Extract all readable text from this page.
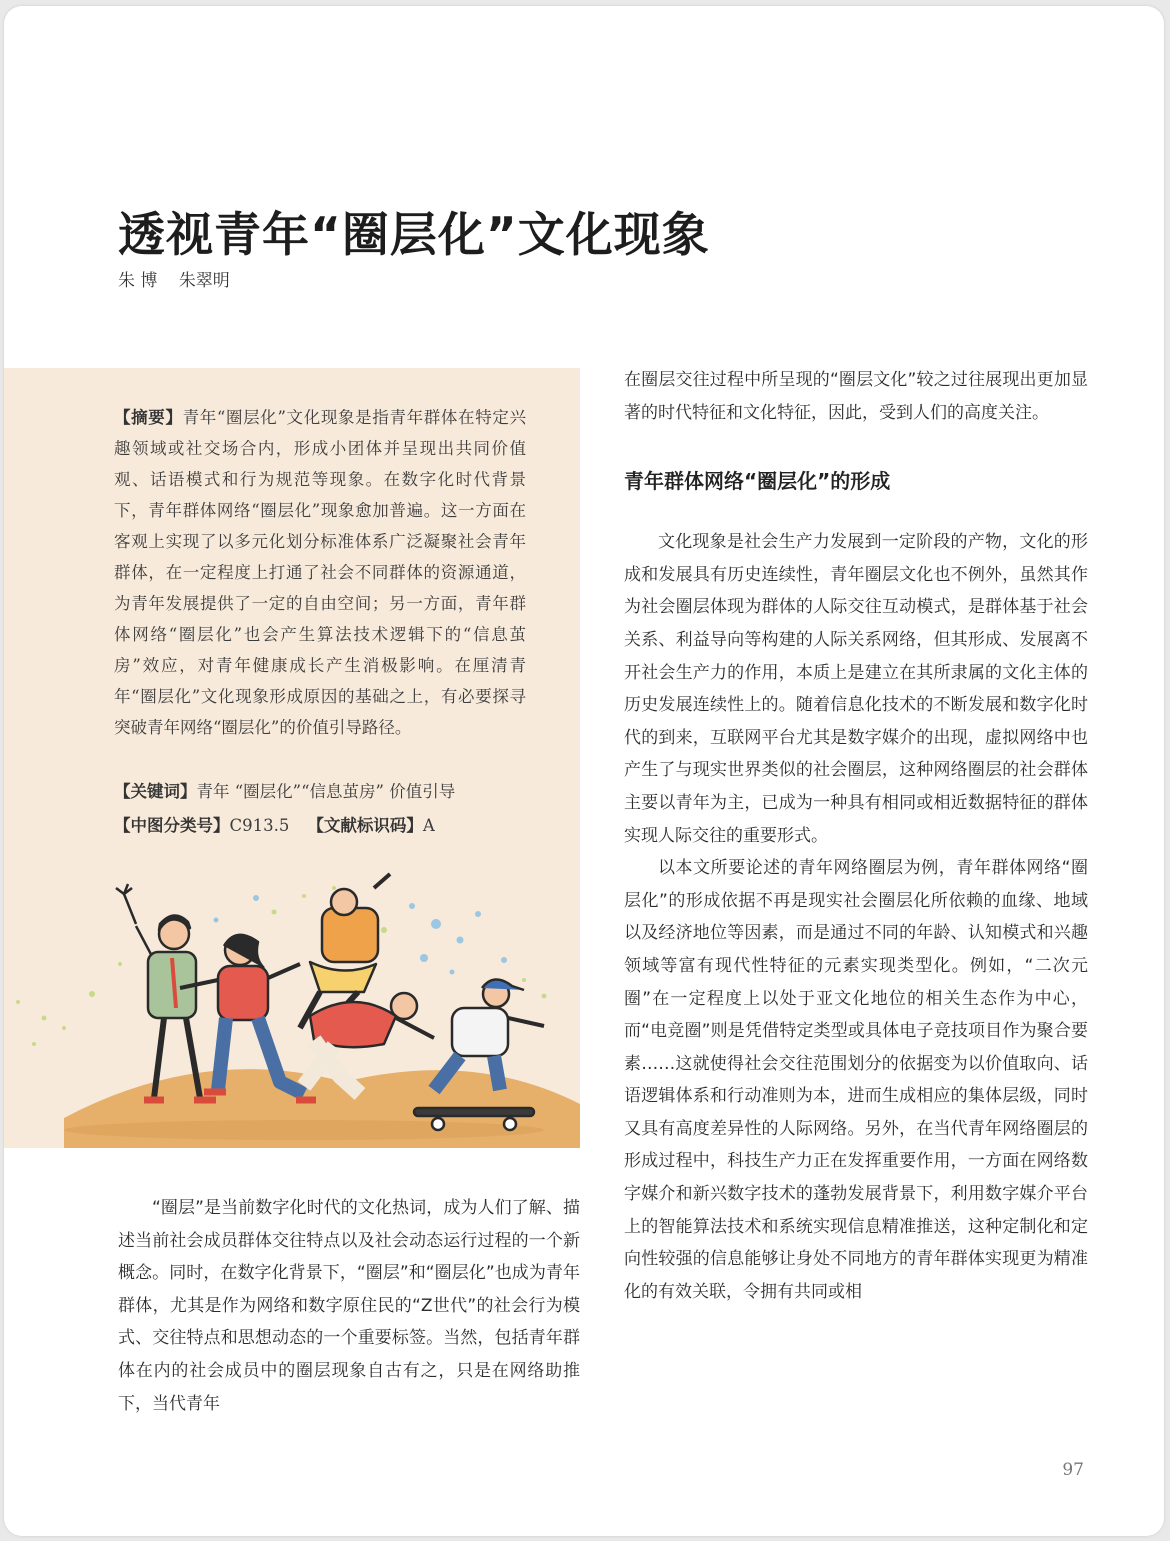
透视青年“圈层化”文化现象
朱 博 朱翠明

【摘要】青年“圈层化”文化现象是指青年群体在特定兴趣领域或社交场合内，形成小团体并呈现出共同价值观、话语模式和行为规范等现象。在数字化时代背景下，青年群体网络“圈层化”现象愈加普遍。这一方面在客观上实现了以多元化划分标准体系广泛凝聚社会青年群体，在一定程度上打通了社会不同群体的资源通道，为青年发展提供了一定的自由空间；另一方面，青年群体网络“圈层化”也会产生算法技术逻辑下的“信息茧房”效应，对青年健康成长产生消极影响。在厘清青年“圈层化”文化现象形成原因的基础之上，有必要探寻突破青年网络“圈层化”的价值引导路径。

【关键词】青年 “圈层化”“信息茧房” 价值引导

【中图分类号】C913.5 【文献标识码】A

“圈层”是当前数字化时代的文化热词，成为人们了解、描述当前社会成员群体交往特点以及社会动态运行过程的一个新概念。同时，在数字化背景下，“圈层”和“圈层化”也成为青年群体，尤其是作为网络和数字原住民的“Z世代”的社会行为模式、交往特点和思想动态的一个重要标签。当然，包括青年群体在内的社会成员中的圈层现象自古有之，只是在网络助推下，当代青年

在圈层交往过程中所呈现的“圈层文化”较之过往展现出更加显著的时代特征和文化特征，因此，受到人们的高度关注。

青年群体网络“圈层化”的形成

文化现象是社会生产力发展到一定阶段的产物，文化的形成和发展具有历史连续性，青年圈层文化也不例外，虽然其作为社会圈层体现为群体的人际交往互动模式，是群体基于社会关系、利益导向等构建的人际关系网络，但其形成、发展离不开社会生产力的作用，本质上是建立在其所隶属的文化主体的历史发展连续性上的。随着信息化技术的不断发展和数字化时代的到来，互联网平台尤其是数字媒介的出现，虚拟网络中也产生了与现实世界类似的社会圈层，这种网络圈层的社会群体主要以青年为主，已成为一种具有相同或相近数据特征的群体实现人际交往的重要形式。

以本文所要论述的青年网络圈层为例，青年群体网络“圈层化”的形成依据不再是现实社会圈层化所依赖的血缘、地域以及经济地位等因素，而是通过不同的年龄、认知模式和兴趣领域等富有现代性特征的元素实现类型化。例如，“二次元圈”在一定程度上以处于亚文化地位的相关生态作为中心，而“电竞圈”则是凭借特定类型或具体电子竞技项目作为聚合要素……这就使得社会交往范围划分的依据变为以价值取向、话语逻辑体系和行动准则为本，进而生成相应的集体层级，同时又具有高度差异性的人际网络。另外，在当代青年网络圈层的形成过程中，科技生产力正在发挥重要作用，一方面在网络数字媒介和新兴数字技术的蓬勃发展背景下，利用数字媒介平台上的智能算法技术和系统实现信息精准推送，这种定制化和定向性较强的信息能够让身处不同地方的青年群体实现更为精准化的有效关联，令拥有共同或相

97
